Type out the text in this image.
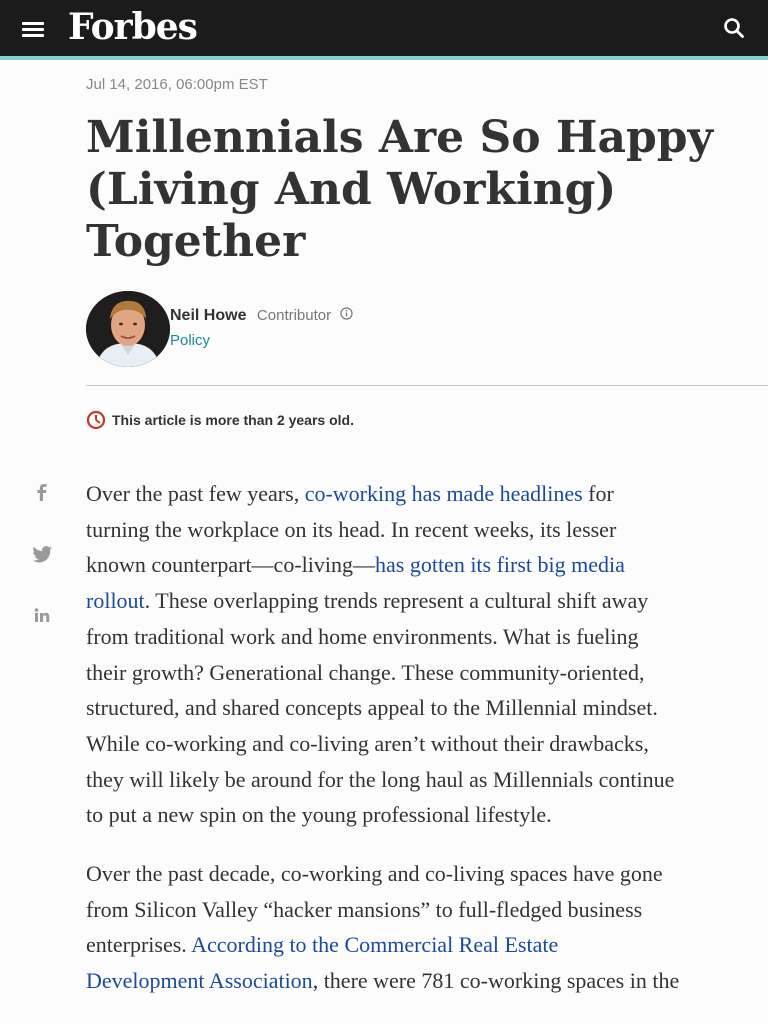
Forbes
Jul 14, 2016, 06:00pm EST
Millennials Are So Happy
(Living And Working)
Together
Neil Howe Contributor
Policy
This article is more than 2 years old.
Over the past few years, co-working has made headlines for
turning the workplace on its head. In recent weeks, its lesser
known counterpart—co-living—has gotten its first big media
rollout. These overlapping trends represent a cultural shift away
from traditional work and home environments. What is fueling
their growth? Generational change. These community-oriented,
structured, and shared concepts appeal to the Millennial mindset.
While co-working and co-living aren’t without their drawbacks,
they will likely be around for the long haul as Millennials continue
to put a new spin on the young professional lifestyle.
Over the past decade, co-working and co-living spaces have gone
from Silicon Valley “hacker mansions” to full-fledged business
enterprises. According to the Commercial Real Estate
Development Association, there were 781 co-working spaces in the
